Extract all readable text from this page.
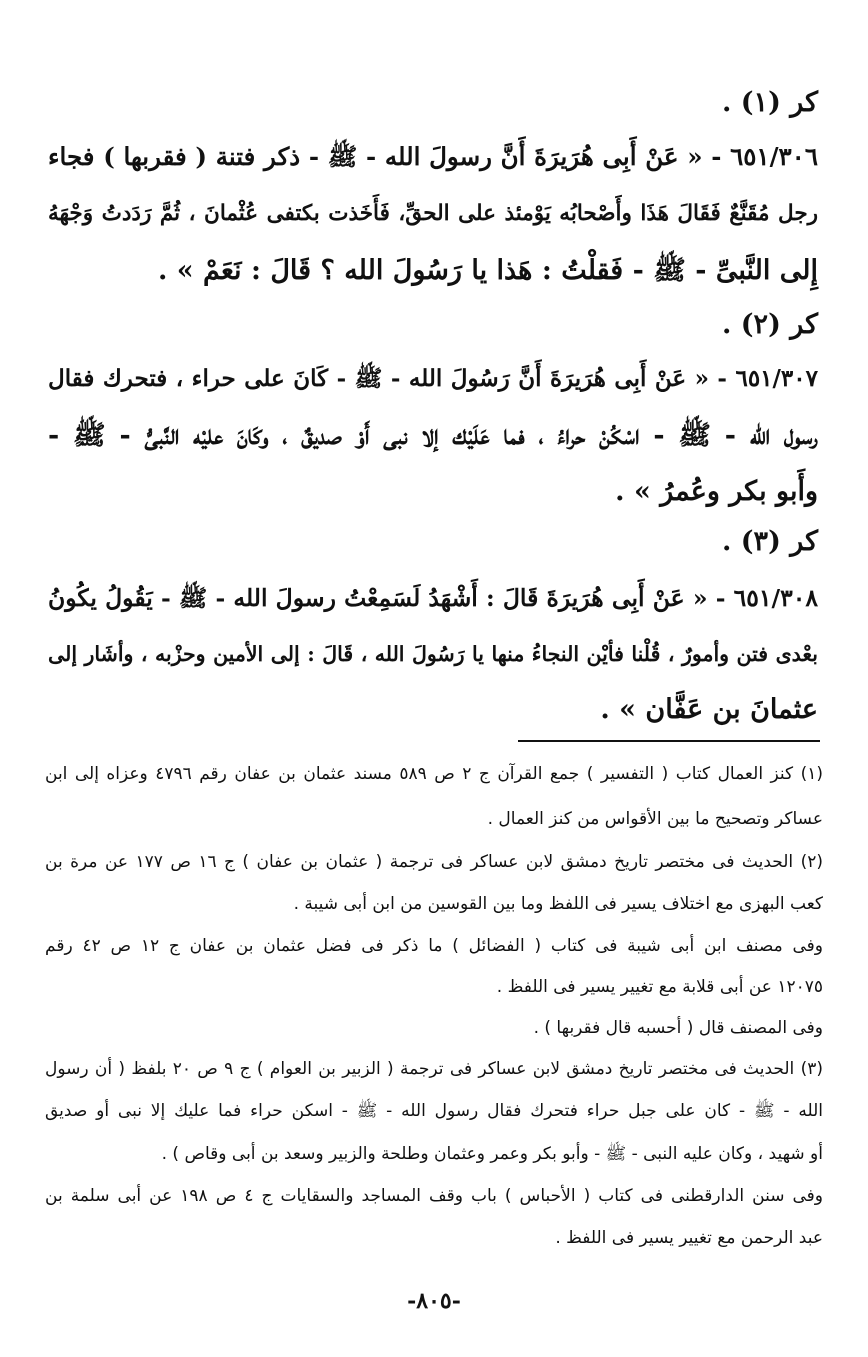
كر (١) .
٦٥١/٣٠٦ - « عَنْ أَبِى هُرَيرَةَ أَنَّ رسولَ الله - ﷺ - ذكر فتنة ( فقربها ) فجاء
رجل مُقَنَّعٌ فَقَالَ هَذَا وأَصْحابُه يَوْمئذ على الحقِّ، فَأَخَذت بكتفى عُثْمانَ ، ثُمَّ رَدَدتُ وَجْهَهُ
إِلى النَّبىِّ - ﷺ - فَقلْتُ : هَذا يا رَسُولَ الله ؟ قَالَ : نَعَمْ » .
كر (٢) .
٦٥١/٣٠٧ - « عَنْ أَبِى هُرَيرَةَ أَنَّ رَسُولَ الله - ﷺ - كَانَ على حراء ، فتحرك فقال
رسول الله - ﷺ - اسْكُنْ حراءُ ، فما عَلَيْك إلا نبى أَوْ صديقٌ ، وكَانَ عليْه النَّبىُّ - ﷺ -
وأَبو بكر وعُمرُ » .
كر (٣) .
٦٥١/٣٠٨ - « عَنْ أَبِى هُرَيرَةَ قَالَ : أَشْهَدُ لَسَمِعْتُ رسولَ الله - ﷺ - يَقُولُ يكُونُ
بعْدى فتن وأمورٌ ، قُلْنا فأيْن النجاءُ منها يا رَسُولَ الله ، قَالَ : إلى الأمين وحزْبه ، وأشَار إلى
عثمانَ بن عَفَّان » .
(١) كنز العمال كتاب ( التفسير ) جمع القرآن ج ٢ ص ٥٨٩ مسند عثمان بن عفان رقم ٤٧٩٦ وعزاه إلى ابن
عساكر وتصحيح ما بين الأقواس من كنز العمال .
(٢) الحديث فى مختصر تاريخ دمشق لابن عساكر فى ترجمة ( عثمان بن عفان ) ج ١٦ ص ١٧٧ عن مرة بن
كعب البهزى مع اختلاف يسير فى اللفظ وما بين القوسين من ابن أبى شيبة .
وفى مصنف ابن أبى شيبة فى كتاب ( الفضائل ) ما ذكر فى فضل عثمان بن عفان ج ١٢ ص ٤٢ رقم
١٢٠٧٥ عن أبى قلابة مع تغيير يسير فى اللفظ .
وفى المصنف قال ( أحسبه قال فقربها ) .
(٣) الحديث فى مختصر تاريخ دمشق لابن عساكر فى ترجمة ( الزبير بن العوام ) ج ٩ ص ٢٠ بلفظ ( أن رسول
الله - ﷺ - كان على جبل حراء فتحرك فقال رسول الله - ﷺ - اسكن حراء فما عليك إلا نبى أو صديق
أو شهيد ، وكان عليه النبى - ﷺ - وأبو بكر وعمر وعثمان وطلحة والزبير وسعد بن أبى وقاص ) .
وفى سنن الدارقطنى فى كتاب ( الأحباس ) باب وقف المساجد والسقايات ج ٤ ص ١٩٨ عن أبى سلمة بن
عبد الرحمن مع تغيير يسير فى اللفظ .
-٨٠٥-
